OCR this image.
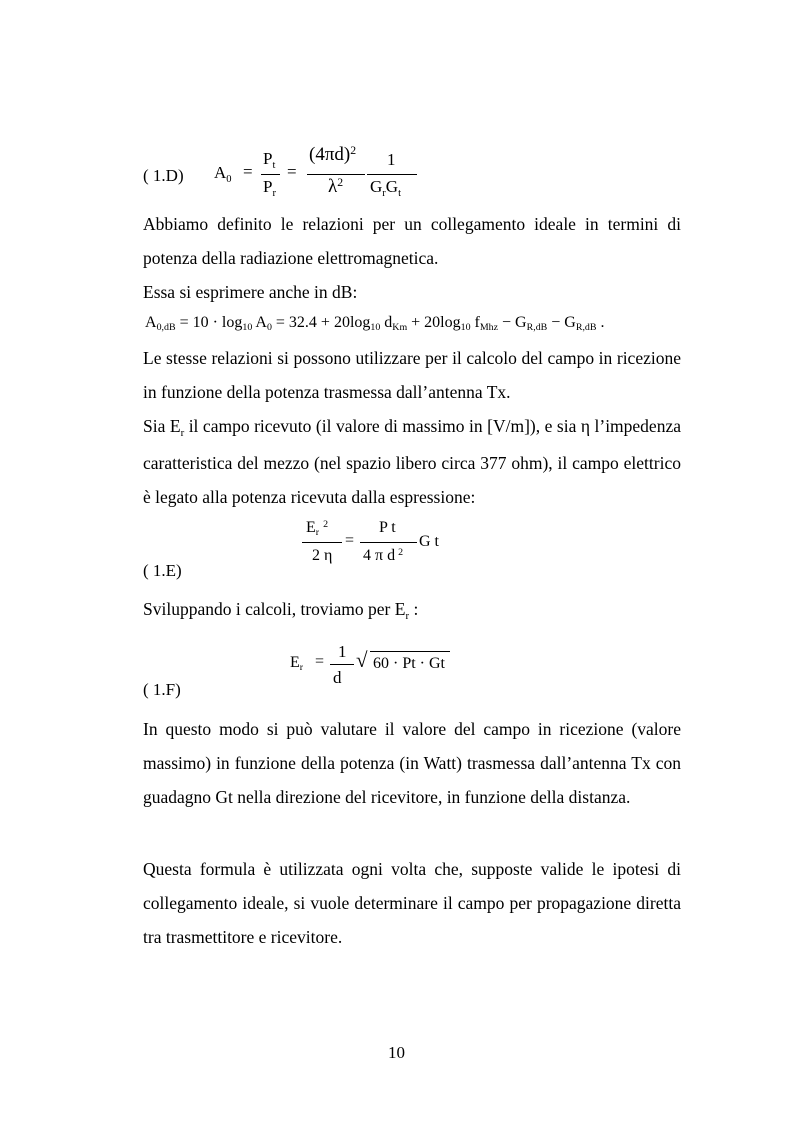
( 1.D) $A_0$ =
$P_t$
$P_r$
=
$(4\pi d)^2$
$\lambda^2$
1
$G_rG_t$

Abbiamo definito le relazioni per un collegamento ideale in termini di potenza della radiazione elettromagnetica.

Essa si esprimere anche in dB:

$A_{0,dB} = 10 \cdot \log_{10} A_0 = 32.4 + 20\log_{10}$ $d_{Km} + 20\log_{10}$ $f_{Mhz} - G_{R,dB} - G_{R,dB}$ .

Le stesse relazioni si possono utilizzare per il calcolo del campo in ricezione in funzione della potenza trasmessa dall’antenna Tx.

Sia $E_r$ il campo ricevuto (il valore di massimo in [V/m]), e sia η l’impedenza caratteristica del mezzo (nel spazio libero circa 377 ohm), il campo elettrico è legato alla potenza ricevuta dalla espressione:

$E_r^2$
2 η
=
P t
4 π d $^2$
G t
( 1.E)

Sviluppando i calcoli, troviamo per $E_r$ :

$E_r$ =
1
d
√ 60 · Pt · Gt
( 1.F)

In questo modo si può valutare il valore del campo in ricezione (valore massimo) in funzione della potenza (in Watt) trasmessa dall’antenna Tx con guadagno Gt nella direzione del ricevitore, in funzione della distanza.

Questa formula è utilizzata ogni volta che, supposte valide le ipotesi di collegamento ideale, si vuole determinare il campo per propagazione diretta tra trasmettitore e ricevitore.

10
